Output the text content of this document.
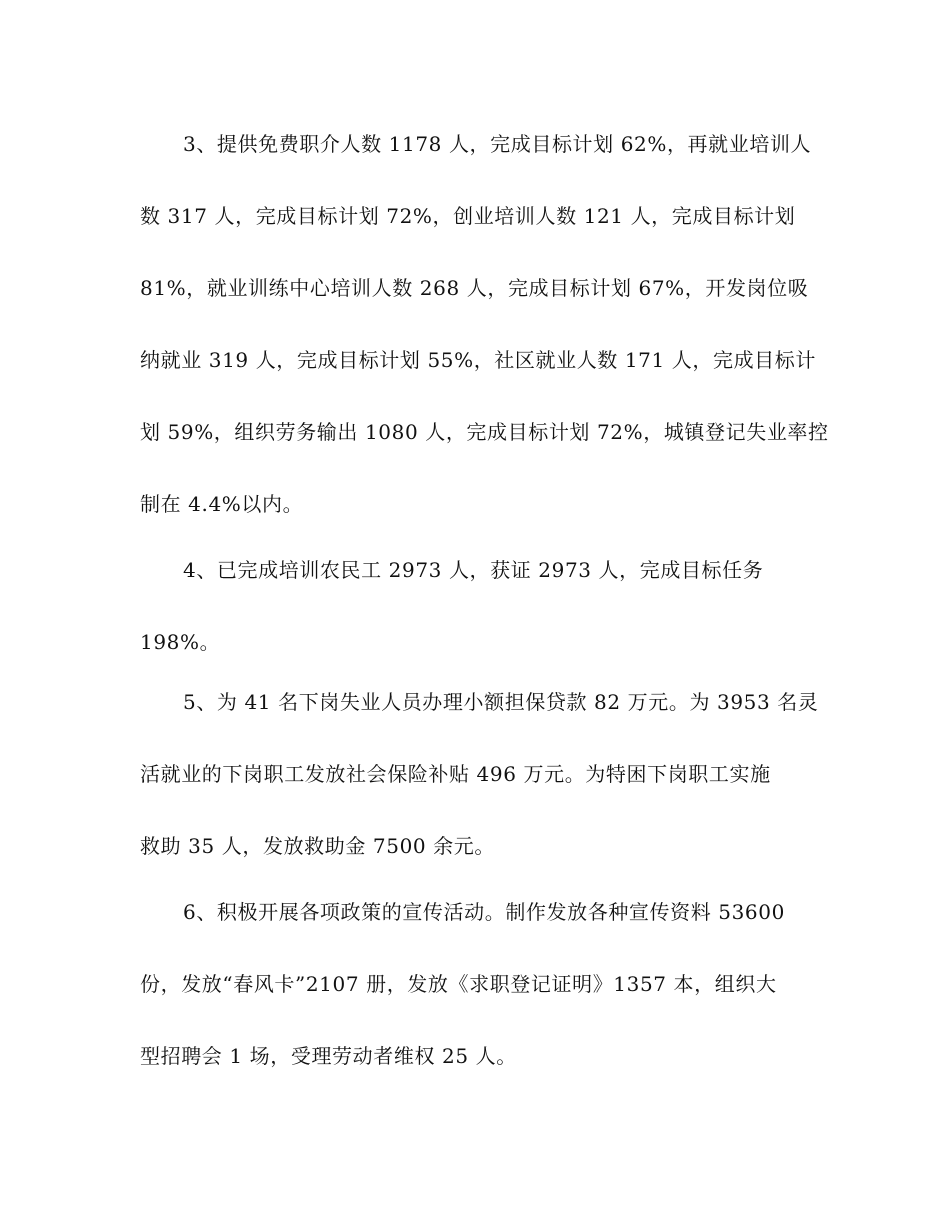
3、提供免费职介人数 1178 人，完成目标计划 62%，再就业培训人
数 317 人，完成目标计划 72%，创业培训人数 121 人，完成目标计划
81%，就业训练中心培训人数 268 人，完成目标计划 67%，开发岗位吸
纳就业 319 人，完成目标计划 55%，社区就业人数 171 人，完成目标计
划 59%，组织劳务输出 1080 人，完成目标计划 72%，城镇登记失业率控
制在 4.4%以内。
4、已完成培训农民工 2973 人，获证 2973 人，完成目标任务
198%。
5、为 41 名下岗失业人员办理小额担保贷款 82 万元。为 3953 名灵
活就业的下岗职工发放社会保险补贴 496 万元。为特困下岗职工实施
救助 35 人，发放救助金 7500 余元。
6、积极开展各项政策的宣传活动。制作发放各种宣传资料 53600
份，发放“春风卡”2107 册，发放《求职登记证明》1357 本，组织大
型招聘会 1 场，受理劳动者维权 25 人。
